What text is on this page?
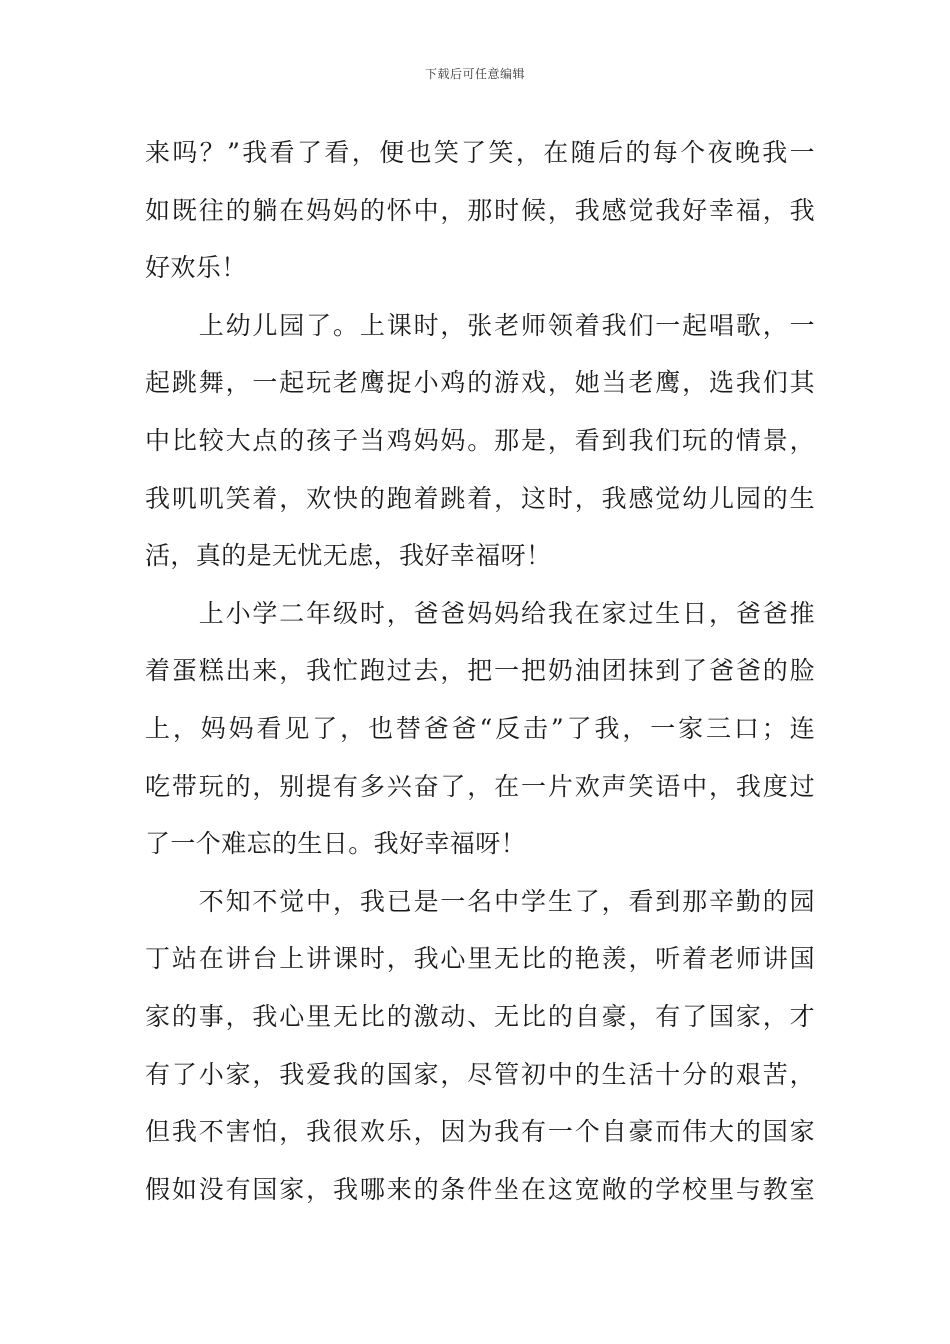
下载后可任意编辑
来吗？”我看了看，便也笑了笑，在随后的每个夜晚我一
如既往的躺在妈妈的怀中，那时候，我感觉我好幸福，我
好欢乐！
　　上幼儿园了。上课时，张老师领着我们一起唱歌，一
起跳舞，一起玩老鹰捉小鸡的游戏，她当老鹰，选我们其
中比较大点的孩子当鸡妈妈。那是，看到我们玩的情景，
我叽叽笑着，欢快的跑着跳着，这时，我感觉幼儿园的生
活，真的是无忧无虑，我好幸福呀！
　　上小学二年级时，爸爸妈妈给我在家过生日，爸爸推
着蛋糕出来，我忙跑过去，把一把奶油团抹到了爸爸的脸
上，妈妈看见了，也替爸爸“反击”了我，一家三口；连
吃带玩的，别提有多兴奋了，在一片欢声笑语中，我度过
了一个难忘的生日。我好幸福呀！
　　不知不觉中，我已是一名中学生了，看到那辛勤的园
丁站在讲台上讲课时，我心里无比的艳羡，听着老师讲国
家的事，我心里无比的激动、无比的自豪，有了国家，才
有了小家，我爱我的国家，尽管初中的生活十分的艰苦，
但我不害怕，我很欢乐，因为我有一个自豪而伟大的国家
假如没有国家，我哪来的条件坐在这宽敞的学校里与教室
